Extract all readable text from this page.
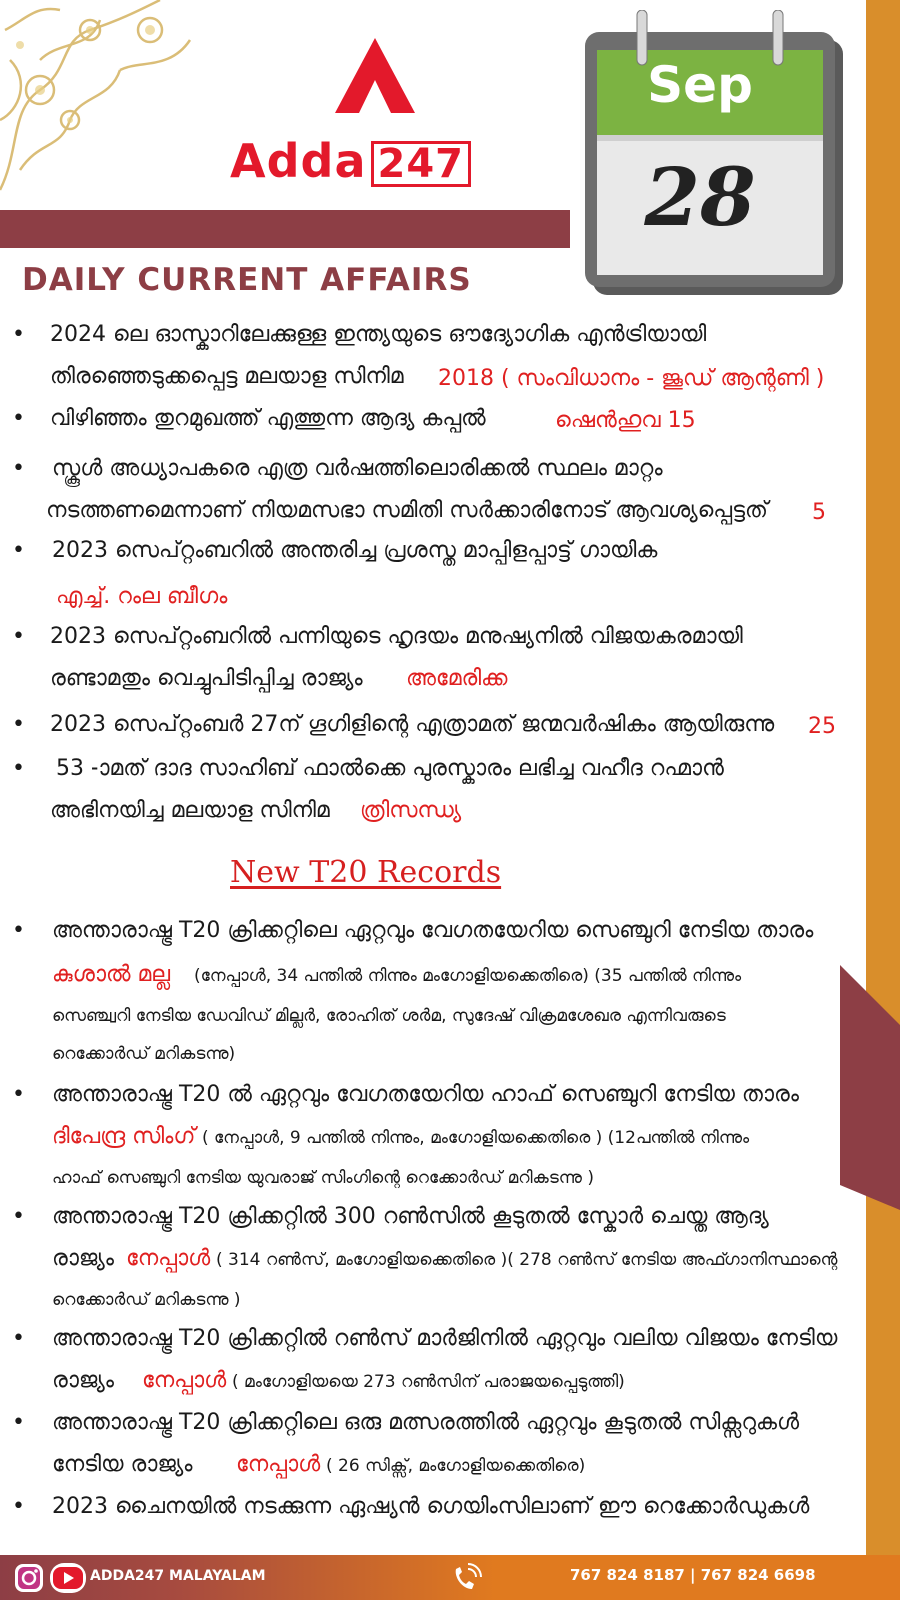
Adda 247
Sep
28
DAILY CURRENT AFFAIRS
• 2024 ലെ ഓസ്കാറിലേക്കുള്ള ഇന്ത്യയുടെ ഔദ്യോഗിക എൻട്രിയായി
തിരഞ്ഞെടുക്കപ്പെട്ട മലയാള സിനിമ 2018 ( സംവിധാനം - ജൂഡ് ആന്റണി )
• വിഴിഞ്ഞം തുറമുഖത്ത് എത്തുന്ന ആദ്യ കപ്പൽ	ഷെൻഹുവ 15
• സ്കൂൾ അധ്യാപകരെ എത്ര വർഷത്തിലൊരിക്കൽ സ്ഥലം മാറ്റം
നടത്തണമെന്നാണ് നിയമസഭാ സമിതി സർക്കാരിനോട് ആവശ്യപ്പെട്ടത് 5
• 2023 സെപ്റ്റംബറിൽ അന്തരിച്ച പ്രശസ്ത മാപ്പിളപ്പാട്ട് ഗായിക
എച്ച്. റംല ബീഗം
• 2023 സെപ്റ്റംബറിൽ പന്നിയുടെ ഹൃദയം മനുഷ്യനിൽ വിജയകരമായി
രണ്ടാമതും വെച്ചുപിടിപ്പിച്ച രാജ്യം അമേരിക്ക
• 2023 സെപ്റ്റംബർ 27ന് ഗൂഗിളിന്റെ എത്രാമത് ജന്മവർഷികം ആയിരുന്നു 25
• 53 -ാമത് ദാദ സാഹിബ് ഫാൽക്കെ പുരസ്കാരം ലഭിച്ച വഹീദ റഹ്മാൻ
അഭിനയിച്ച മലയാള സിനിമ ത്രിസന്ധ്യ
New T20 Records
• അന്താരാഷ്ട്ര T20 ക്രിക്കറ്റിലെ ഏറ്റവും വേഗതയേറിയ സെഞ്ചുറി നേടിയ താരം
കുശാൽ മല്ല (നേപ്പാൾ, 34 പന്തിൽ നിന്നും മംഗോളിയക്കെതിരെ) (35 പന്തിൽ നിന്നും
സെഞ്ച്വറി നേടിയ ഡേവിഡ് മില്ലർ, രോഹിത് ശർമ, സുദേഷ് വിക്രമശേഖര എന്നിവരുടെ
റെക്കോർഡ് മറികടന്നു)
• അന്താരാഷ്ട്ര T20 ൽ ഏറ്റവും വേഗതയേറിയ ഹാഫ് സെഞ്ചുറി നേടിയ താരം
ദിപേന്ദ്ര സിംഗ് ( നേപ്പാൾ, 9 പന്തിൽ നിന്നും, മംഗോളിയക്കെതിരെ ) (12പന്തിൽ നിന്നും
ഹാഫ് സെഞ്ചുറി നേടിയ യുവരാജ് സിംഗിന്റെ റെക്കോർഡ് മറികടന്നു )
• അന്താരാഷ്ട്ര T20 ക്രിക്കറ്റിൽ 300 റൺസിൽ കൂടുതൽ സ്കോർ ചെയ്ത ആദ്യ
രാജ്യം നേപ്പാൾ ( 314 റൺസ്, മംഗോളിയക്കെതിരെ )( 278 റൺസ് നേടിയ അഫ്ഗാനിസ്ഥാന്റെ
റെക്കോർഡ് മറികടന്നു )
• അന്താരാഷ്ട്ര T20 ക്രിക്കറ്റിൽ റൺസ് മാർജിനിൽ ഏറ്റവും വലിയ വിജയം നേടിയ
രാജ്യം നേപ്പാൾ ( മംഗോളിയയെ 273 റൺസിന് പരാജയപ്പെടുത്തി)
• അന്താരാഷ്ട്ര T20 ക്രിക്കറ്റിലെ ഒരു മത്സരത്തിൽ ഏറ്റവും കൂടുതൽ സിക്സറുകൾ
നേടിയ രാജ്യം നേപ്പാൾ ( 26 സിക്സ്, മംഗോളിയക്കെതിരെ)
• 2023 ചൈനയിൽ നടക്കുന്ന ഏഷ്യൻ ഗെയിംസിലാണ് ഈ റെക്കോർഡുകൾ
ADDA247 MALAYALAM	767 824 8187 | 767 824 6698
